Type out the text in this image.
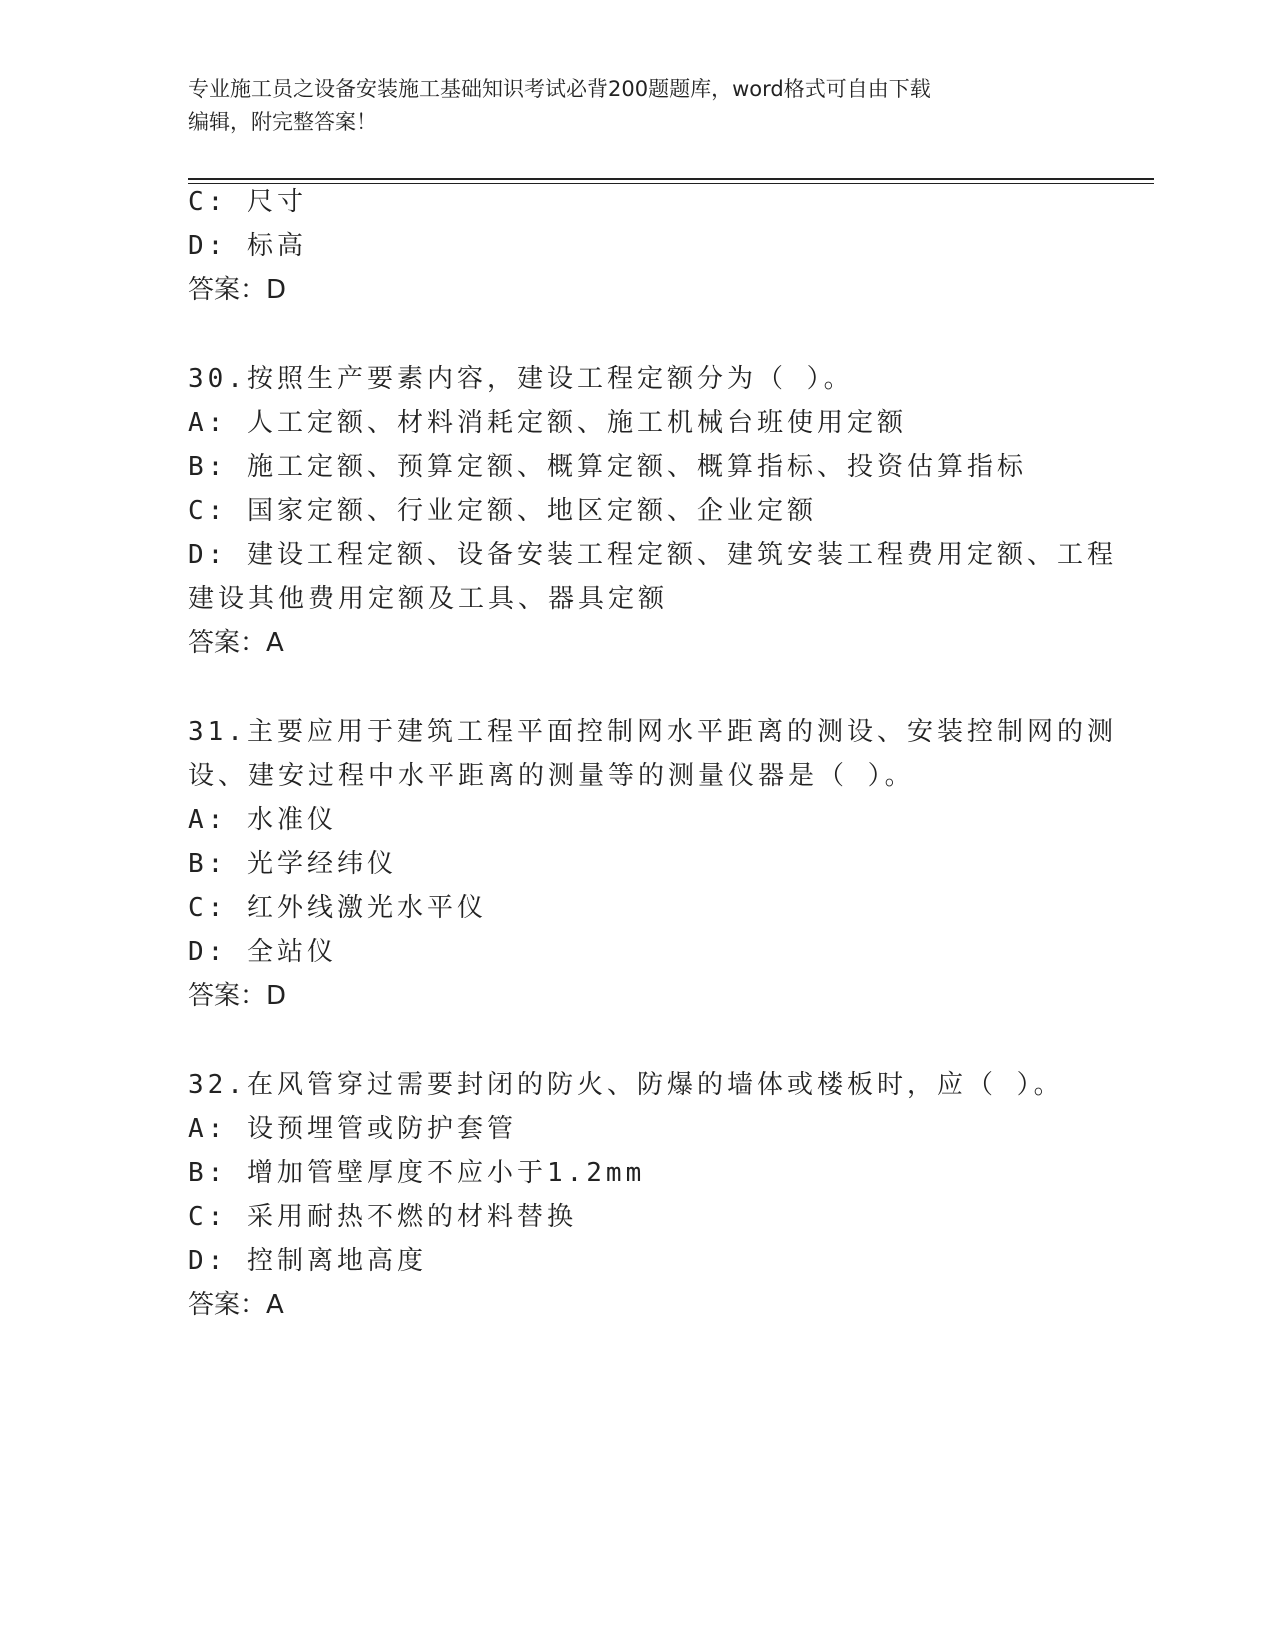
专业施工员之设备安装施工基础知识考试必背200题题库，word格式可自由下载
编辑，附完整答案！
C: 尺寸
D: 标高
答案：D
30.按照生产要素内容，建设工程定额分为（ ）。
A: 人工定额、材料消耗定额、施工机械台班使用定额
B: 施工定额、预算定额、概算定额、概算指标、投资估算指标
C: 国家定额、行业定额、地区定额、企业定额
D: 建设工程定额、设备安装工程定额、建筑安装工程费用定额、工程
建设其他费用定额及工具、器具定额
答案：A
31.主要应用于建筑工程平面控制网水平距离的测设、安装控制网的测
设、建安过程中水平距离的测量等的测量仪器是（ ）。
A: 水准仪
B: 光学经纬仪
C: 红外线激光水平仪
D: 全站仪
答案：D
32.在风管穿过需要封闭的防火、防爆的墙体或楼板时，应（ ）。
A: 设预埋管或防护套管
B: 增加管壁厚度不应小于1.2mm
C: 采用耐热不燃的材料替换
D: 控制离地高度
答案：A
